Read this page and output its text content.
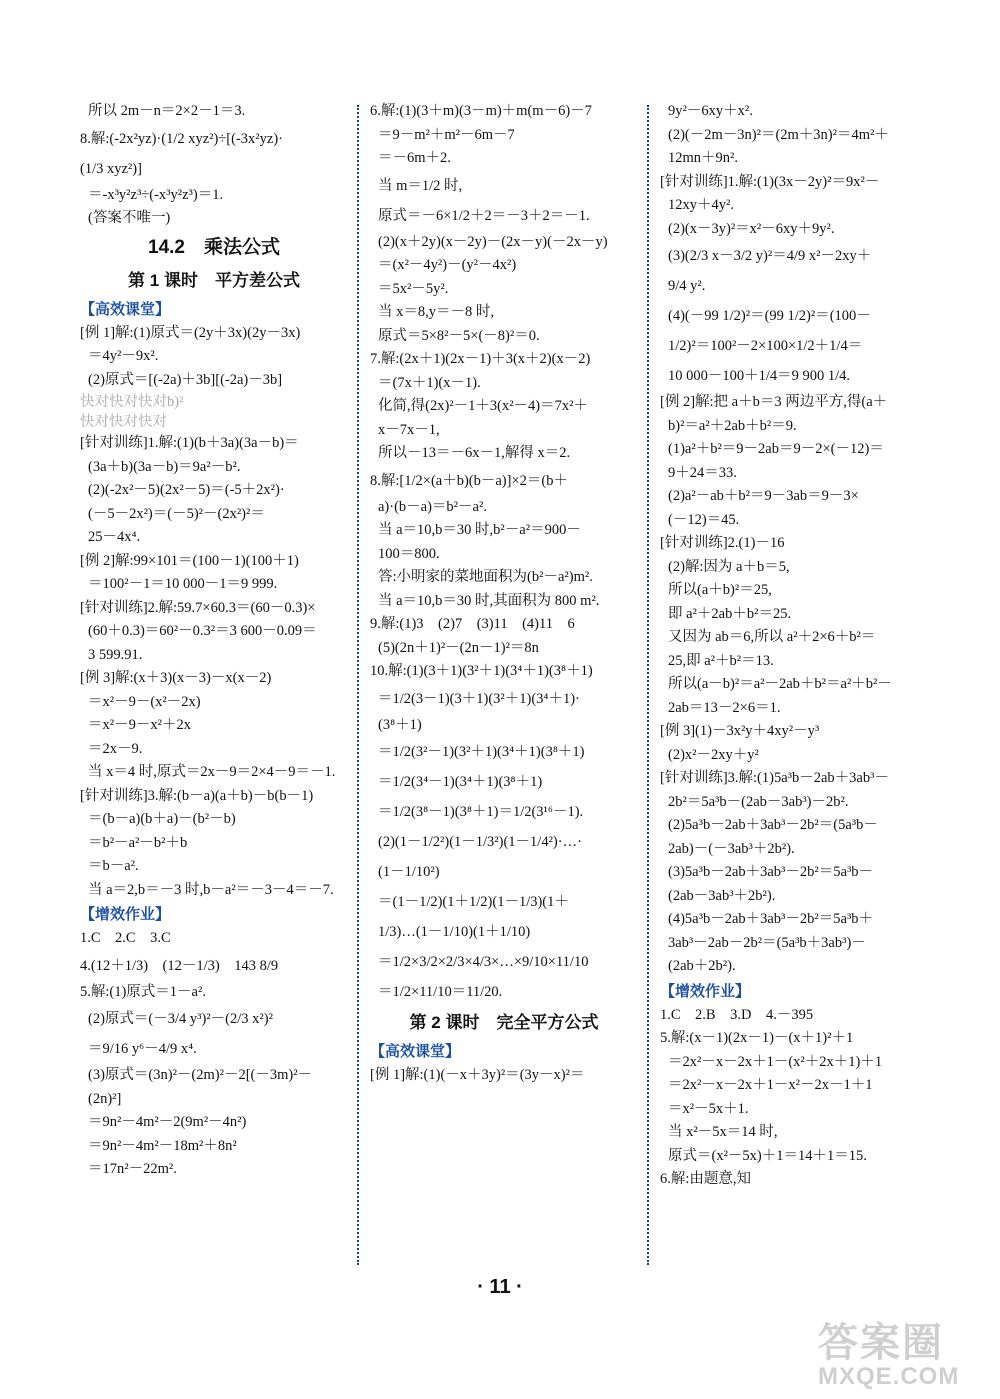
所以 2m－n＝2×2－1＝3.
8.解:(-2x²yz)·(1/2 xyz²)÷[(-3x²yz)·
(1/3 xyz²)]
＝-x³y²z³÷(-x³y²z³)＝1.
(答案不唯一)
14.2　乘法公式
第 1 课时　平方差公式
【高效课堂】
[例 1]解:(1)原式＝(2y＋3x)(2y－3x)
＝4y²－9x².
(2)原式＝[(-2a)＋3b][(-2a)－3b]
快对快对快对b)²
快对快对快对
[针对训练]1.解:(1)(b＋3a)(3a－b)＝
(3a＋b)(3a－b)＝9a²－b².
(2)(-2x²－5)(2x²－5)＝(-5＋2x²)·
(－5－2x²)＝(－5)²－(2x²)²＝
25－4x⁴.
[例 2]解:99×101＝(100－1)(100＋1)
＝100²－1＝10 000－1＝9 999.
[针对训练]2.解:59.7×60.3＝(60－0.3)×
(60＋0.3)＝60²－0.3²＝3 600－0.09＝
3 599.91.
[例 3]解:(x＋3)(x－3)－x(x－2)
＝x²－9－(x²－2x)
＝x²－9－x²＋2x
＝2x－9.
当 x＝4 时,原式＝2x－9＝2×4－9＝－1.
[针对训练]3.解:(b－a)(a＋b)－b(b－1)
＝(b－a)(b＋a)－(b²－b)
＝b²－a²－b²＋b
＝b－a².
当 a＝2,b＝－3 时,b－a²＝－3－4＝－7.
【增效作业】
1.C　2.C　3.C
4.(12＋1/3)　(12－1/3)　143 8/9
5.解:(1)原式＝1－a².
(2)原式＝(－3/4 y³)²－(2/3 x²)²
＝9/16 y⁶－4/9 x⁴.
(3)原式＝(3n)²－(2m)²－2[(－3m)²－
(2n)²]
＝9n²－4m²－2(9m²－4n²)
＝9n²－4m²－18m²＋8n²
＝17n²－22m².
6.解:(1)(3＋m)(3－m)＋m(m－6)－7
＝9－m²＋m²－6m－7
＝－6m＋2.
当 m＝1/2 时,
原式＝－6×1/2＋2＝－3＋2＝－1.
(2)(x＋2y)(x－2y)－(2x－y)(－2x－y)
＝(x²－4y²)－(y²－4x²)
＝5x²－5y².
当 x＝8,y＝－8 时,
原式＝5×8²－5×(－8)²＝0.
7.解:(2x＋1)(2x－1)＋3(x＋2)(x－2)
＝(7x＋1)(x－1).
化简,得(2x)²－1＋3(x²－4)＝7x²＋
x－7x－1,
所以－13＝－6x－1,解得 x＝2.
8.解:[1/2×(a＋b)(b－a)]×2＝(b＋
a)·(b－a)＝b²－a².
当 a＝10,b＝30 时,b²－a²＝900－
100＝800.
答:小明家的菜地面积为(b²－a²)m².
当 a＝10,b＝30 时,其面积为 800 m².
9.解:(1)3　(2)7　(3)11　(4)11　6
(5)(2n＋1)²－(2n－1)²＝8n
10.解:(1)(3＋1)(3²＋1)(3⁴＋1)(3⁸＋1)
＝1/2(3－1)(3＋1)(3²＋1)(3⁴＋1)·
(3⁸＋1)
＝1/2(3²－1)(3²＋1)(3⁴＋1)(3⁸＋1)
＝1/2(3⁴－1)(3⁴＋1)(3⁸＋1)
＝1/2(3⁸－1)(3⁸＋1)＝1/2(3¹⁶－1).
(2)(1－1/2²)(1－1/3²)(1－1/4²)·…·
(1－1/10²)
＝(1－1/2)(1＋1/2)(1－1/3)(1＋
1/3)…(1－1/10)(1＋1/10)
＝1/2×3/2×2/3×4/3×…×9/10×11/10
＝1/2×11/10＝11/20.
第 2 课时　完全平方公式
【高效课堂】
[例 1]解:(1)(－x＋3y)²＝(3y－x)²＝
9y²－6xy＋x².
(2)(－2m－3n)²＝(2m＋3n)²＝4m²＋
12mn＋9n².
[针对训练]1.解:(1)(3x－2y)²＝9x²－
12xy＋4y².
(2)(x－3y)²＝x²－6xy＋9y².
(3)(2/3 x－3/2 y)²＝4/9 x²－2xy＋
9/4 y².
(4)(－99 1/2)²＝(99 1/2)²＝(100－
1/2)²＝100²－2×100×1/2＋1/4＝
10 000－100＋1/4＝9 900 1/4.
[例 2]解:把 a＋b＝3 两边平方,得(a＋
b)²＝a²＋2ab＋b²＝9.
(1)a²＋b²＝9－2ab＝9－2×(－12)＝
9＋24＝33.
(2)a²－ab＋b²＝9－3ab＝9－3×
(－12)＝45.
[针对训练]2.(1)－16
(2)解:因为 a＋b＝5,
所以(a＋b)²＝25,
即 a²＋2ab＋b²＝25.
又因为 ab＝6,所以 a²＋2×6＋b²＝
25,即 a²＋b²＝13.
所以(a－b)²＝a²－2ab＋b²＝a²＋b²－
2ab＝13－2×6＝1.
[例 3](1)－3x²y＋4xy²－y³
(2)x²－2xy＋y²
[针对训练]3.解:(1)5a³b－2ab＋3ab³－
2b²＝5a³b－(2ab－3ab³)－2b².
(2)5a³b－2ab＋3ab³－2b²＝(5a³b－
2ab)－(－3ab³＋2b²).
(3)5a³b－2ab＋3ab³－2b²＝5a³b－
(2ab－3ab³＋2b²).
(4)5a³b－2ab＋3ab³－2b²＝5a³b＋
3ab³－2ab－2b²＝(5a³b＋3ab³)－
(2ab＋2b²).
【增效作业】
1.C　2.B　3.D　4.－395
5.解:(x－1)(2x－1)－(x＋1)²＋1
＝2x²－x－2x＋1－(x²＋2x＋1)＋1
＝2x²－x－2x＋1－x²－2x－1＋1
＝x²－5x＋1.
当 x²－5x＝14 时,
原式＝(x²－5x)＋1＝14＋1＝15.
6.解:由题意,知
· 11 ·
答案圈
MXQE.COM
